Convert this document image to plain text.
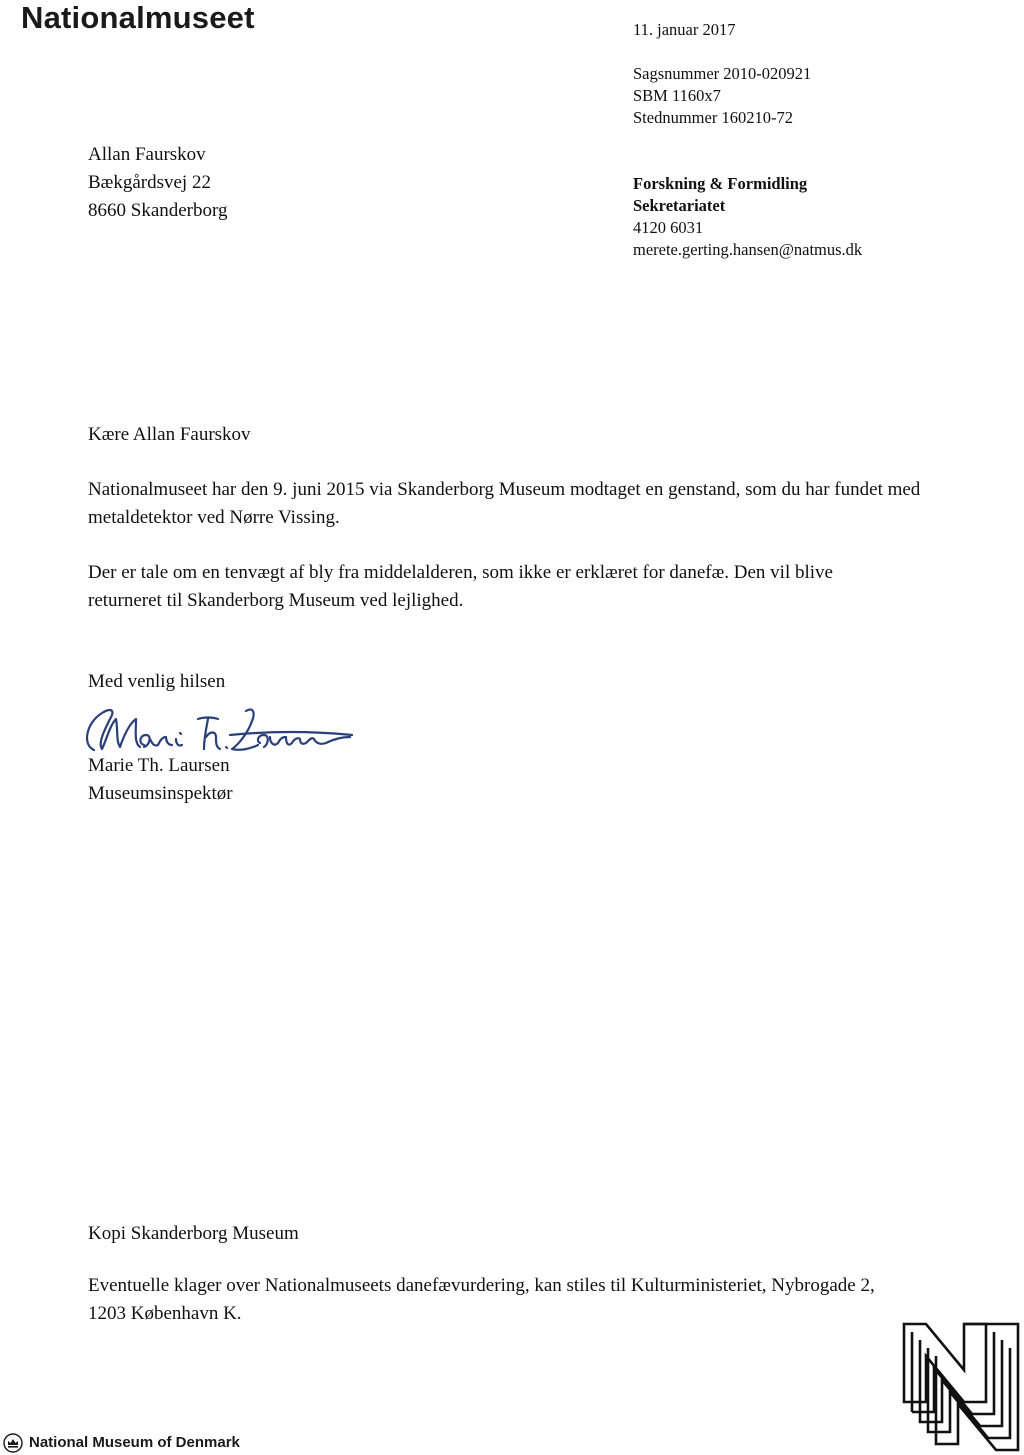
Nationalmuseet	11. januar 2017
Sagsnummer 2010-020921
SBM 1160x7
Stednummer 160210-72
Forskning & Formidling
Sekretariatet
4120 6031
merete.gerting.hansen@natmus.dk
Allan Faurskov
Bækgårdsvej 22
8660 Skanderborg
Kære Allan Faurskov
Nationalmuseet har den 9. juni 2015 via Skanderborg Museum modtaget en genstand, som du har fundet med
metaldetektor ved Nørre Vissing.
Der er tale om en tenvægt af bly fra middelalderen, som ikke er erklæret for danefæ. Den vil blive
returneret til Skanderborg Museum ved lejlighed.
Med venlig hilsen
Marie Th. Laursen
Museumsinspektør
Kopi Skanderborg Museum
Eventuelle klager over Nationalmuseets danefævurdering, kan stiles til Kulturministeriet, Nybrogade 2,
1203 København K.
National Museum of Denmark
